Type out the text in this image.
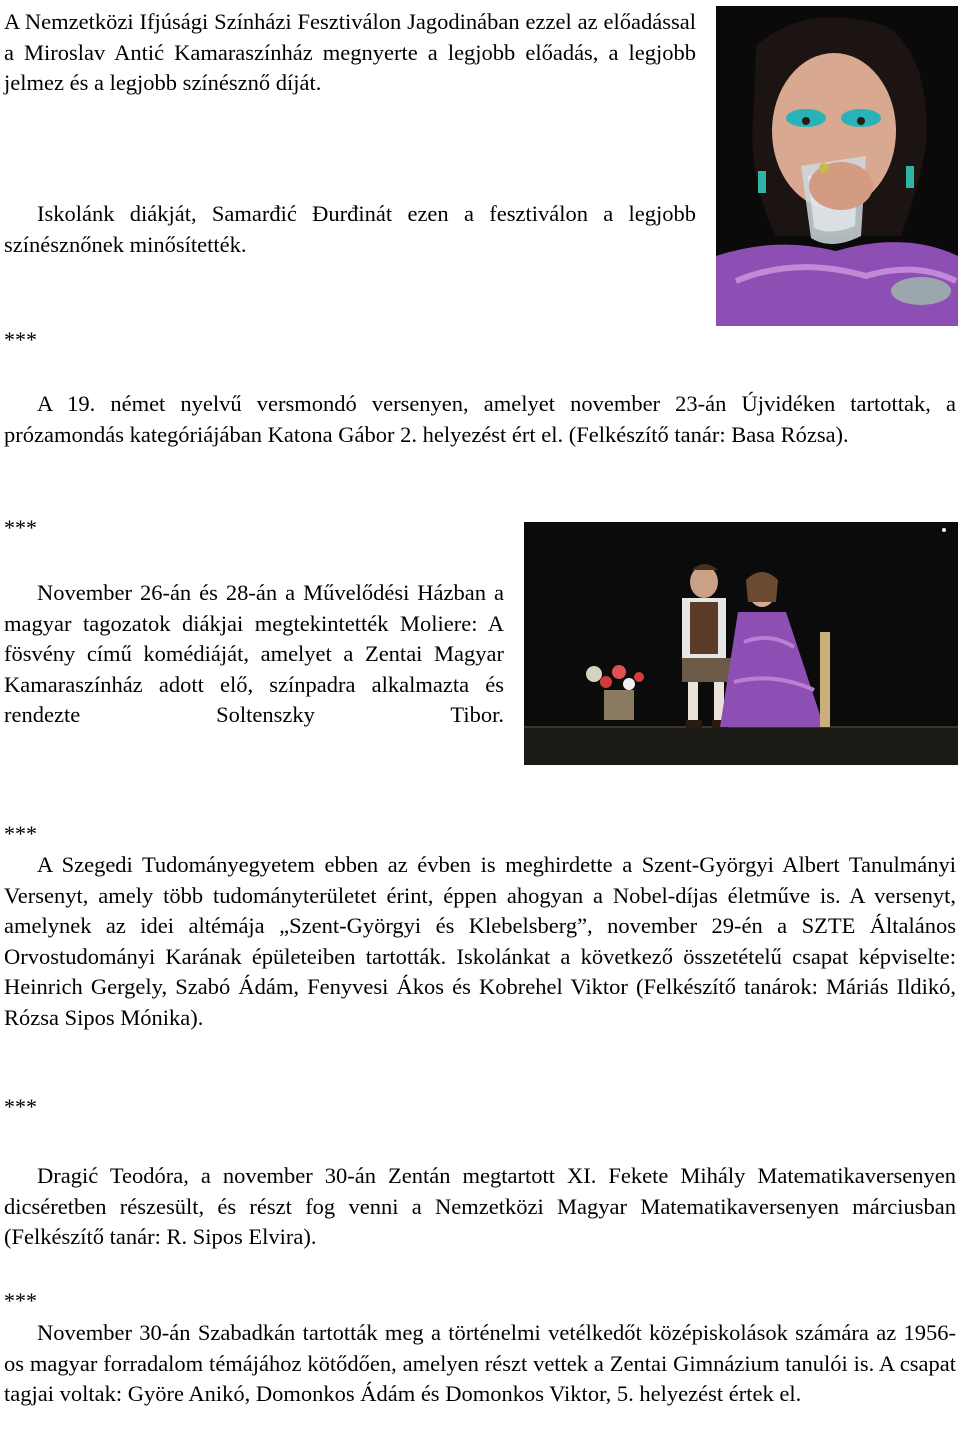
A Nemzetközi Ifjúsági Színházi Fesztiválon Jagodinában ezzel az előadással a Miroslav Antić Kamaraszínház megnyerte a legjobb előadás, a legjobb jelmez és a legjobb színésznő díját.

Iskolánk diákját, Samarđić Đurđinát ezen a fesztiválon a legjobb színésznőnek minősítették.

***

A 19. német nyelvű versmondó versenyen, amelyet november 23-án Újvidéken tartottak, a prózamondás kategóriájában Katona Gábor 2. helyezést ért el. (Felkészítő tanár: Basa Rózsa).

***

November 26-án és 28-án a Művelődési Házban a magyar tagozatok diákjai megtekintették Moliere: A fösvény című komédiáját, amelyet a Zentai Magyar Kamaraszínház adott elő, színpadra alkalmazta és rendezte Soltenszky Tibor.

***

A Szegedi Tudományegyetem ebben az évben is meghirdette a Szent-Györgyi Albert Tanulmányi Versenyt, amely több tudományterületet érint, éppen ahogyan a Nobel-díjas életműve is. A versenyt, amelynek az idei altémája „Szent-Györgyi és Klebelsberg”, november 29-én a SZTE Általános Orvostudományi Karának épületeiben tartották. Iskolánkat a következő összetételű csapat képviselte: Heinrich Gergely, Szabó Ádám, Fenyvesi Ákos és Kobrehel Viktor (Felkészítő tanárok: Máriás Ildikó, Rózsa Sipos Mónika).

***

Dragić Teodóra, a november 30-án Zentán megtartott XI. Fekete Mihály Matematikaversenyen dicséretben részesült, és részt fog venni a Nemzetközi Magyar Matematikaversenyen márciusban (Felkészítő tanár: R. Sipos Elvira).

***

November 30-án Szabadkán tartották meg a történelmi vetélkedőt középiskolások számára az 1956-os magyar forradalom témájához kötődően, amelyen részt vettek a Zentai Gimnázium tanulói is. A csapat tagjai voltak: Györe Anikó, Domonkos Ádám és Domonkos Viktor, 5. helyezést értek el.
